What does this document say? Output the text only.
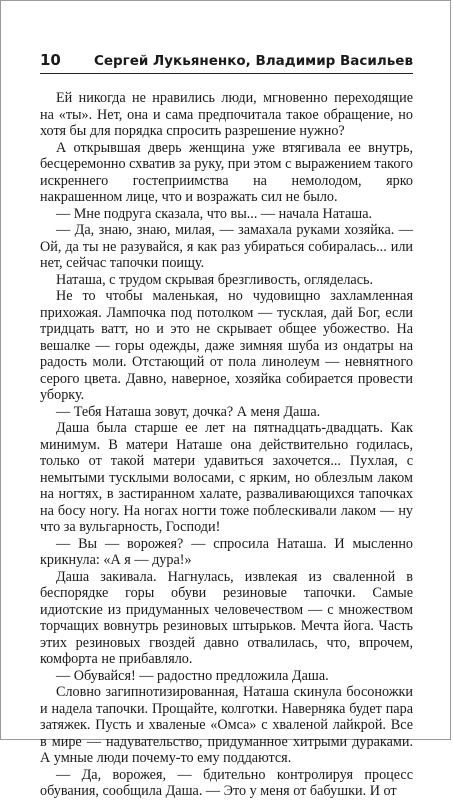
10 Сергей Лукьяненко, Владимир Васильев

Ей никогда не нравились люди, мгновенно переходящие на «ты». Нет, она и сама предпочитала такое обращение, но хотя бы для порядка спросить разрешение нужно?

А открывшая дверь женщина уже втягивала ее внутрь, бесцеремонно схватив за руку, при этом с выражением такого искреннего гостеприимства на немолодом, ярко накрашенном лице, что и возражать сил не было.

— Мне подруга сказала, что вы... — начала Наташа.

— Да, знаю, знаю, милая, — замахала руками хозяйка. — Ой, да ты не разувайся, я как раз убираться собиралась... или нет, сейчас тапочки поищу.

Наташа, с трудом скрывая брезгливость, огляделась.

Не то чтобы маленькая, но чудовищно захламленная прихожая. Лампочка под потолком — тусклая, дай Бог, если тридцать ватт, но и это не скрывает общее убожество. На вешалке — горы одежды, даже зимняя шуба из ондатры на радость моли. Отстающий от пола линолеум — невнятного серого цвета. Давно, наверное, хозяйка собирается провести уборку.

— Тебя Наташа зовут, дочка? А меня Даша.

Даша была старше ее лет на пятнадцать-двадцать. Как минимум. В матери Наташе она действительно годилась, только от такой матери удавиться захочется... Пухлая, с немытыми тусклыми волосами, с ярким, но облезлым лаком на ногтях, в застиранном халате, разваливающихся тапочках на босу ногу. На ногах ногти тоже поблескивали лаком — ну что за вульгарность, Господи!

— Вы — ворожея? — спросила Наташа. И мысленно крикнула: «А я — дура!»

Даша закивала. Нагнулась, извлекая из сваленной в беспорядке горы обуви резиновые тапочки. Самые идиотские из придуманных человечеством — с множеством торчащих вовнутрь резиновых штырьков. Мечта йога. Часть этих резиновых гвоздей давно отвалилась, что, впрочем, комфорта не прибавляло.

— Обувайся! — радостно предложила Даша.

Словно загипнотизированная, Наташа скинула босоножки и надела тапочки. Прощайте, колготки. Наверняка будет пара затяжек. Пусть и хваленые «Омса» с хваленой лайкрой. Все в мире — надувательство, придуманное хитрыми дураками. А умные люди почему-то ему поддаются.

— Да, ворожея, — бдительно контролируя процесс обувания, сообщила Даша. — Это у меня от бабушки. И от
